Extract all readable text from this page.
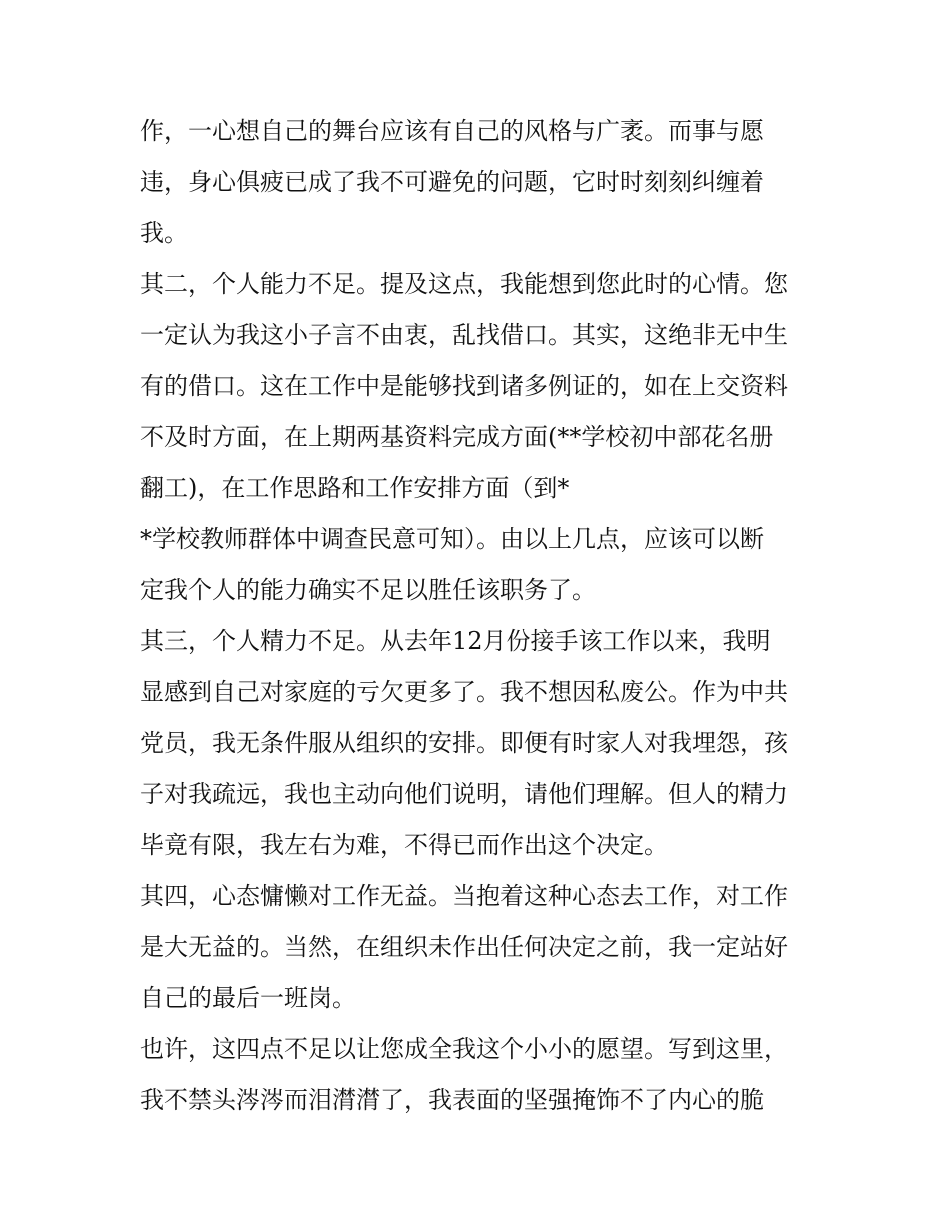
作，一心想自己的舞台应该有自己的风格与广袤。而事与愿
违，身心俱疲已成了我不可避免的问题，它时时刻刻纠缠着
我。
其二，个人能力不足。提及这点，我能想到您此时的心情。您
一定认为我这小子言不由衷，乱找借口。其实，这绝非无中生
有的借口。这在工作中是能够找到诸多例证的，如在上交资料
不及时方面，在上期两基资料完成方面(**学校初中部花名册
翻工)，在工作思路和工作安排方面（到*
*学校教师群体中调查民意可知）。由以上几点，应该可以断
定我个人的能力确实不足以胜任该职务了。
其三，个人精力不足。从去年12月份接手该工作以来，我明
显感到自己对家庭的亏欠更多了。我不想因私废公。作为中共
党员，我无条件服从组织的安排。即便有时家人对我埋怨，孩
子对我疏远，我也主动向他们说明，请他们理解。但人的精力
毕竟有限，我左右为难，不得已而作出这个决定。
其四，心态慵懒对工作无益。当抱着这种心态去工作，对工作
是大无益的。当然，在组织未作出任何决定之前，我一定站好
自己的最后一班岗。
也许，这四点不足以让您成全我这个小小的愿望。写到这里，
我不禁头涔涔而泪潸潸了，我表面的坚强掩饰不了内心的脆
